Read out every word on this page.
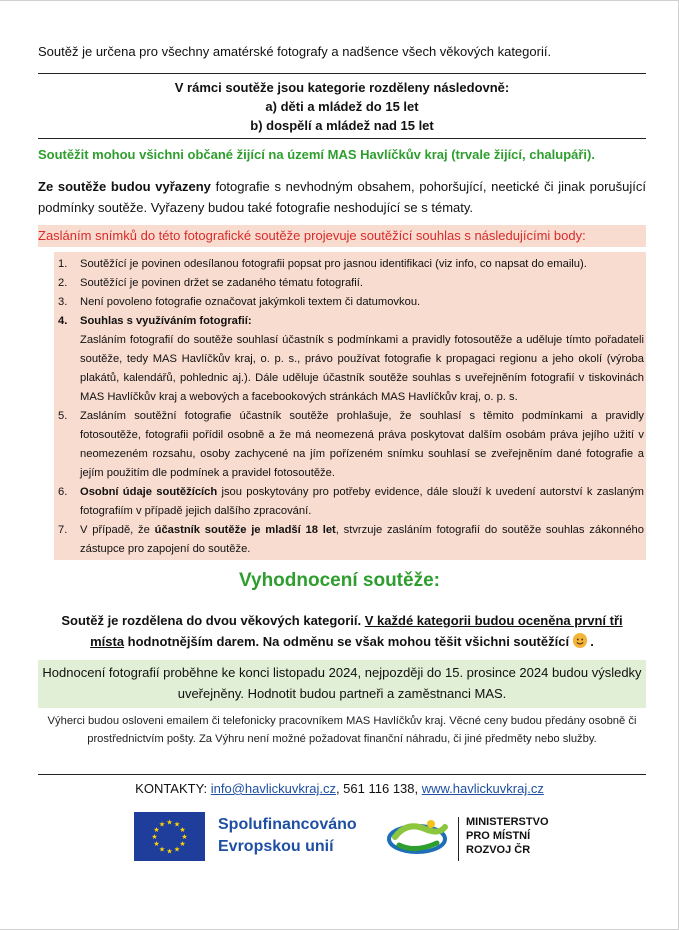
Soutěž je určena pro všechny amatérské fotografy a nadšence všech věkových kategorií.
V rámci soutěže jsou kategorie rozděleny následovně:
a) děti a mládež do 15 let
b) dospělí a mládež nad 15 let
Soutěžit mohou všichni občané žijící na území MAS Havlíčkův kraj (trvale žijící, chalupáři).
Ze soutěže budou vyřazeny fotografie s nevhodným obsahem, pohoršující, neetické či jinak porušující podmínky soutěže. Vyřazeny budou také fotografie neshodující se s tématy.
Zasláním snímků do této fotografické soutěže projevuje soutěžící souhlas s následujícími body:
1. Soutěžící je povinen odesílanou fotografii popsat pro jasnou identifikaci (viz info, co napsat do emailu).
2. Soutěžící je povinen držet se zadaného tématu fotografií.
3. Není povoleno fotografie označovat jakýmkoli textem či datumovkou.
4. Souhlas s využíváním fotografií:
Zasláním fotografií do soutěže souhlasí účastník s podmínkami a pravidly fotosoutěže a uděluje tímto pořadateli soutěže, tedy MAS Havlíčkův kraj, o. p. s., právo používat fotografie k propagaci regionu a jeho okolí (výroba plakátů, kalendářů, pohlednic aj.). Dále uděluje účastník soutěže souhlas s uveřejněním fotografií v tiskovinách MAS Havlíčkův kraj a webových a facebookových stránkách MAS Havlíčkův kraj, o. p. s.
5. Zasláním soutěžní fotografie účastník soutěže prohlašuje, že souhlasí s těmito podmínkami a pravidly fotosoutěže, fotografii pořídil osobně a že má neomezená práva poskytovat dalším osobám práva jejího užití v neomezeném rozsahu, osoby zachycené na jím pořízeném snímku souhlasí se zveřejněním dané fotografie a jejím použitím dle podmínek a pravidel fotosoutěže.
6. Osobní údaje soutěžících jsou poskytovány pro potřeby evidence, dále slouží k uvedení autorství k zaslaným fotografiím v případě jejich dalšího zpracování.
7. V případě, že účastník soutěže je mladší 18 let, stvrzuje zasláním fotografií do soutěže souhlas zákonného zástupce pro zapojení do soutěže.
Vyhodnocení soutěže:
Soutěž je rozdělena do dvou věkových kategorií. V každé kategorii budou oceněna první tři místa hodnotnějším darem. Na odměnu se však mohou těšit všichni soutěžící  .
Hodnocení fotografií proběhne ke konci listopadu 2024, nejpozději do 15. prosince 2024 budou výsledky uveřejněny. Hodnotit budou partneři a zaměstnanci MAS.
Výherci budou osloveni emailem či telefonicky pracovníkem MAS Havlíčkův kraj. Věcné ceny budou předány osobně či prostřednictvím pošty. Za Výhru není možné požadovat finanční náhradu, či jiné předměty nebo služby.
KONTAKTY: info@havlickuvkraj.cz, 561 116 138, www.havlickuvkraj.cz
★ ★
★
★
★
★
★
★
★
★
★
★	Spolufinancováno
Evropskou unií
MINISTERSTVO
PRO MÍSTNÍ
ROZVOJ ČR
